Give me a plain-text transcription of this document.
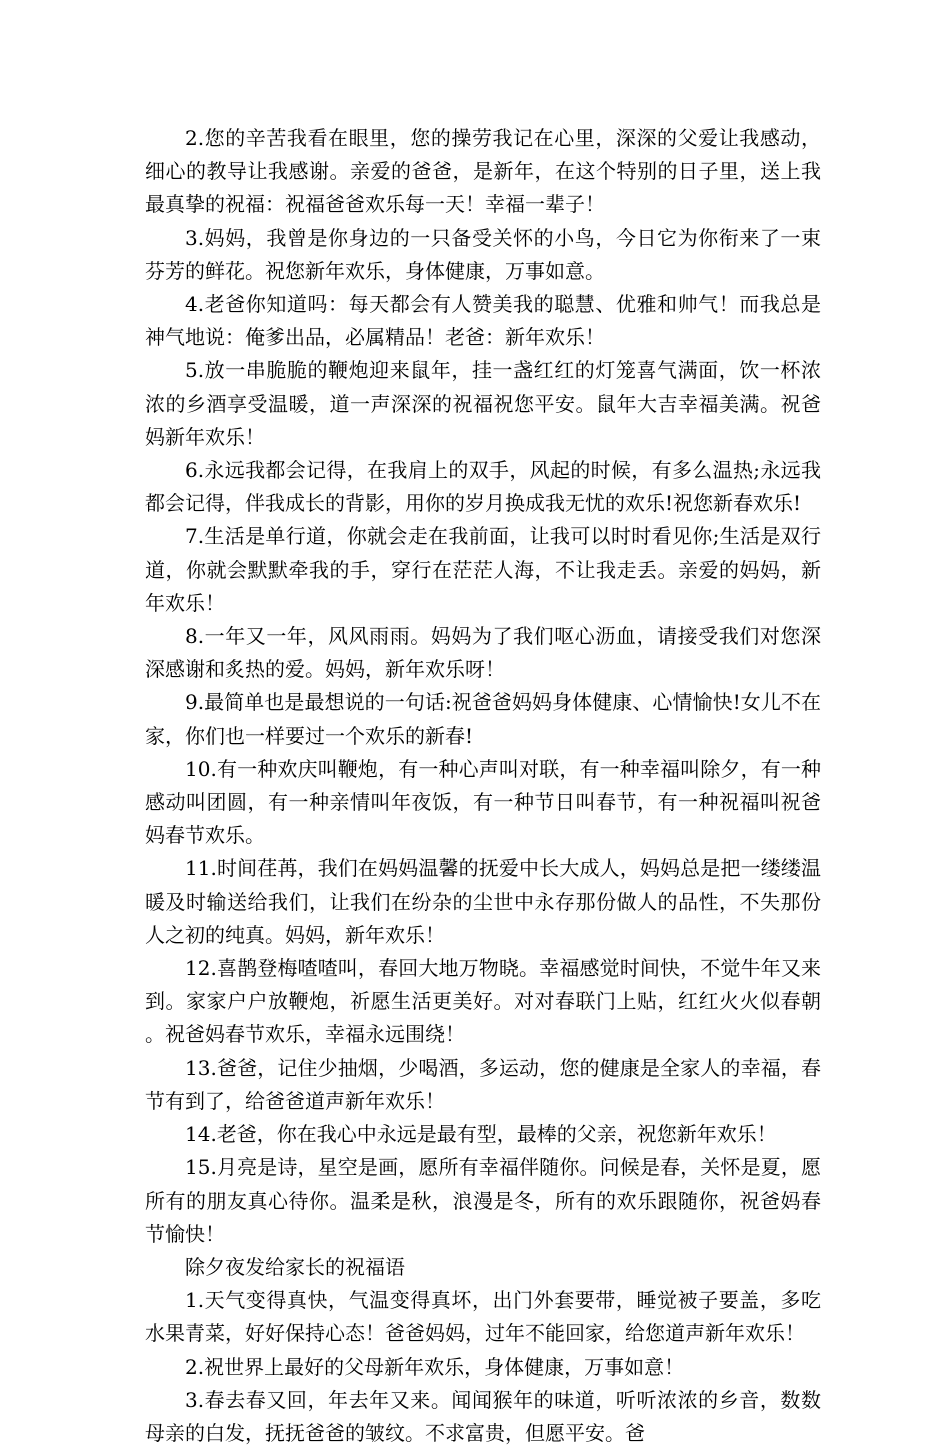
2.您的辛苦我看在眼里，您的操劳我记在心里，深深的父爱让我感动，细心的教导让我感谢。亲爱的爸爸，是新年，在这个特别的日子里，送上我最真挚的祝福：祝福爸爸欢乐每一天！幸福一辈子！

3.妈妈，我曾是你身边的一只备受关怀的小鸟，今日它为你衔来了一束芬芳的鲜花。祝您新年欢乐，身体健康，万事如意。

4.老爸你知道吗：每天都会有人赞美我的聪慧、优雅和帅气！而我总是神气地说：俺爹出品，必属精品！老爸：新年欢乐！

5.放一串脆脆的鞭炮迎来鼠年，挂一盏红红的灯笼喜气满面，饮一杯浓浓的乡酒享受温暖，道一声深深的祝福祝您平安。鼠年大吉幸福美满。祝爸妈新年欢乐！

6.永远我都会记得，在我肩上的双手，风起的时候，有多么温热;永远我都会记得，伴我成长的背影，用你的岁月换成我无忧的欢乐!祝您新春欢乐!

7.生活是单行道，你就会走在我前面，让我可以时时看见你;生活是双行道，你就会默默牵我的手，穿行在茫茫人海，不让我走丢。亲爱的妈妈，新年欢乐！

8.一年又一年，风风雨雨。妈妈为了我们呕心沥血，请接受我们对您深深感谢和炙热的爱。妈妈，新年欢乐呀！

9.最简单也是最想说的一句话:祝爸爸妈妈身体健康、心情愉快!女儿不在家，你们也一样要过一个欢乐的新春!

10.有一种欢庆叫鞭炮，有一种心声叫对联，有一种幸福叫除夕，有一种感动叫团圆，有一种亲情叫年夜饭，有一种节日叫春节，有一种祝福叫祝爸妈春节欢乐。

11.时间荏苒，我们在妈妈温馨的抚爱中长大成人，妈妈总是把一缕缕温暖及时输送给我们，让我们在纷杂的尘世中永存那份做人的品性，不失那份人之初的纯真。妈妈，新年欢乐！

12.喜鹊登梅喳喳叫，春回大地万物晓。幸福感觉时间快，不觉牛年又来到。家家户户放鞭炮，祈愿生活更美好。对对春联门上贴，红红火火似春朝。祝爸妈春节欢乐，幸福永远围绕！

13.爸爸，记住少抽烟，少喝酒，多运动，您的健康是全家人的幸福，春节有到了，给爸爸道声新年欢乐！

14.老爸，你在我心中永远是最有型，最棒的父亲，祝您新年欢乐！

15.月亮是诗，星空是画，愿所有幸福伴随你。问候是春，关怀是夏，愿所有的朋友真心待你。温柔是秋，浪漫是冬，所有的欢乐跟随你，祝爸妈春节愉快！

除夕夜发给家长的祝福语

1.天气变得真快，气温变得真坏，出门外套要带，睡觉被子要盖，多吃水果青菜，好好保持心态！爸爸妈妈，过年不能回家，给您道声新年欢乐！

2.祝世界上最好的父母新年欢乐，身体健康，万事如意！

3.春去春又回，年去年又来。闻闻猴年的味道，听听浓浓的乡音，数数母亲的白发，抚抚爸爸的皱纹。不求富贵，但愿平安。爸
